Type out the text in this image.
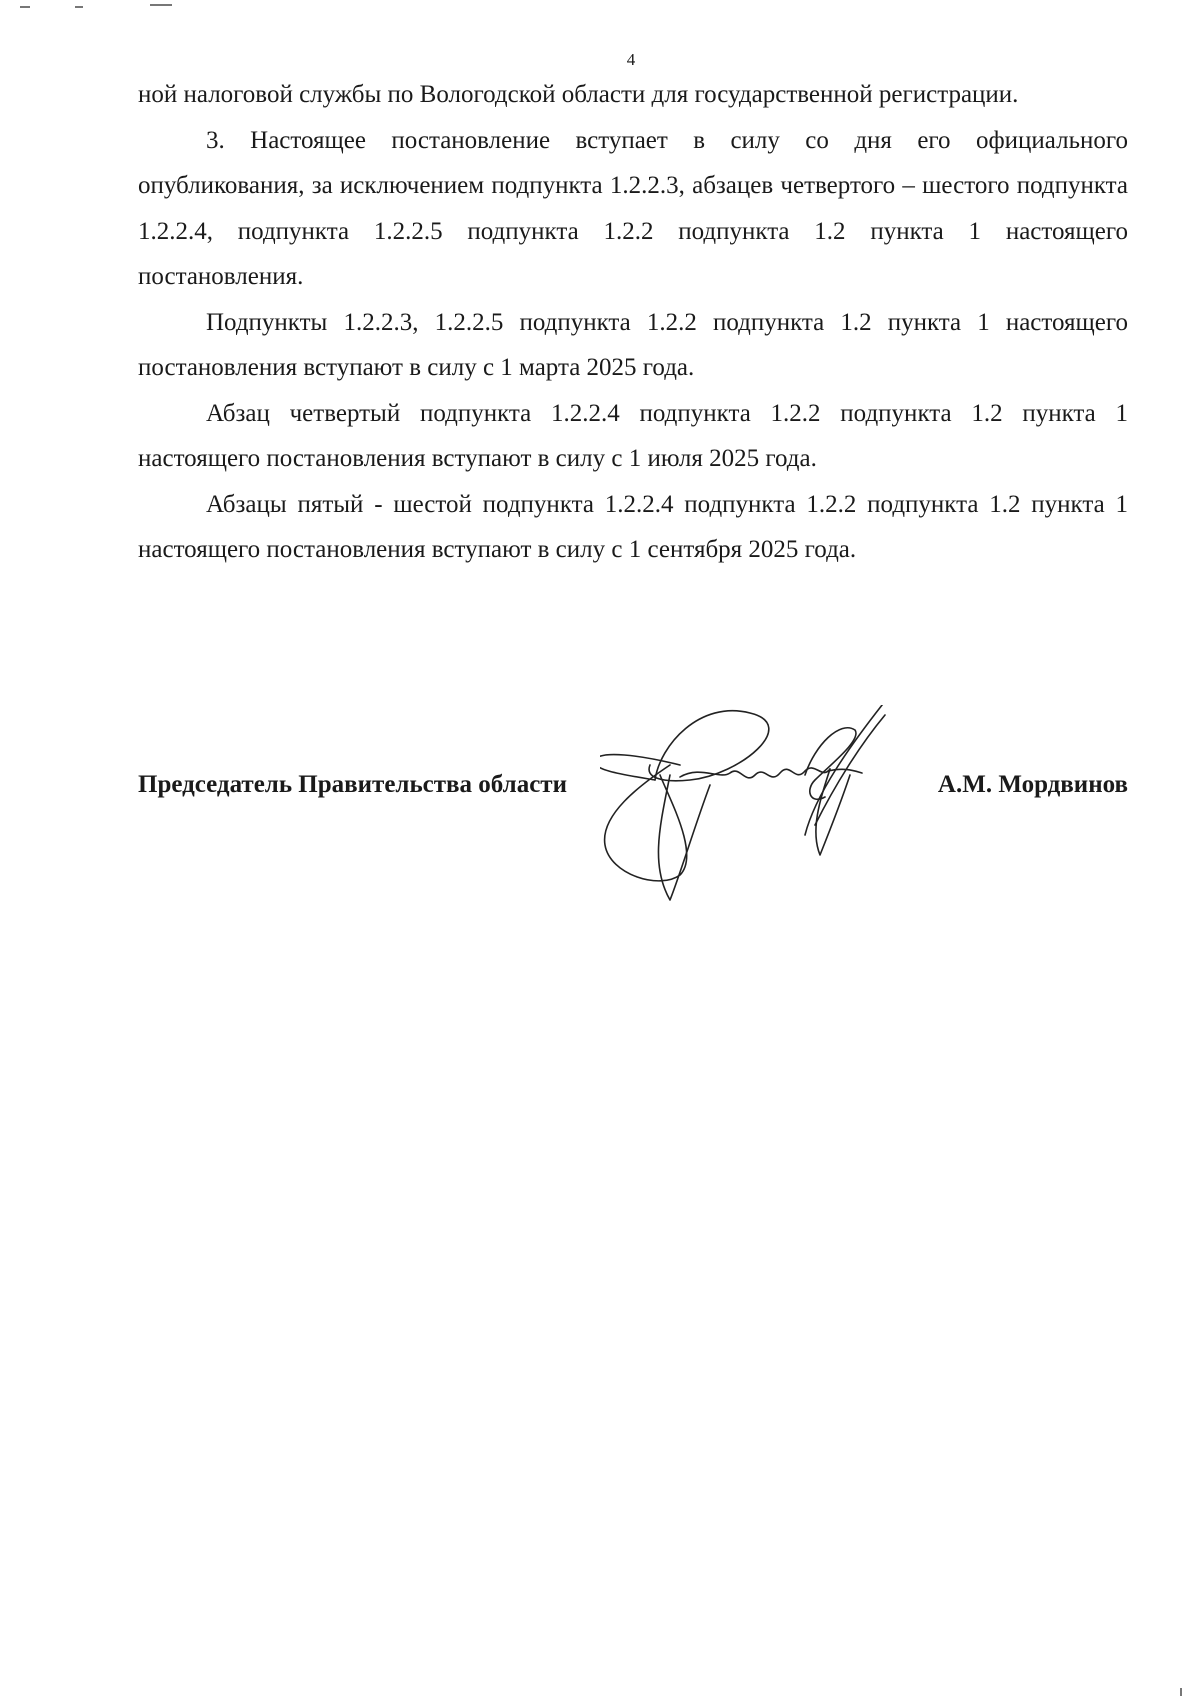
4

ной налоговой службы по Вологодской области для государственной регистрации.

3. Настоящее постановление вступает в силу со дня его официального опубликования, за исключением подпункта 1.2.2.3, абзацев четвертого – шестого подпункта 1.2.2.4, подпункта 1.2.2.5 подпункта 1.2.2 подпункта 1.2 пункта 1 настоящего постановления.

Подпункты 1.2.2.3, 1.2.2.5 подпункта 1.2.2 подпункта 1.2 пункта 1 настоящего постановления вступают в силу с 1 марта 2025 года.

Абзац четвертый подпункта 1.2.2.4 подпункта 1.2.2 подпункта 1.2 пункта 1 настоящего постановления вступают в силу с 1 июля 2025 года.

Абзацы пятый - шестой подпункта 1.2.2.4 подпункта 1.2.2 подпункта 1.2 пункта 1 настоящего постановления вступают в силу с 1 сентября 2025 года.

Председатель Правительства области	А.М. Мордвинов
